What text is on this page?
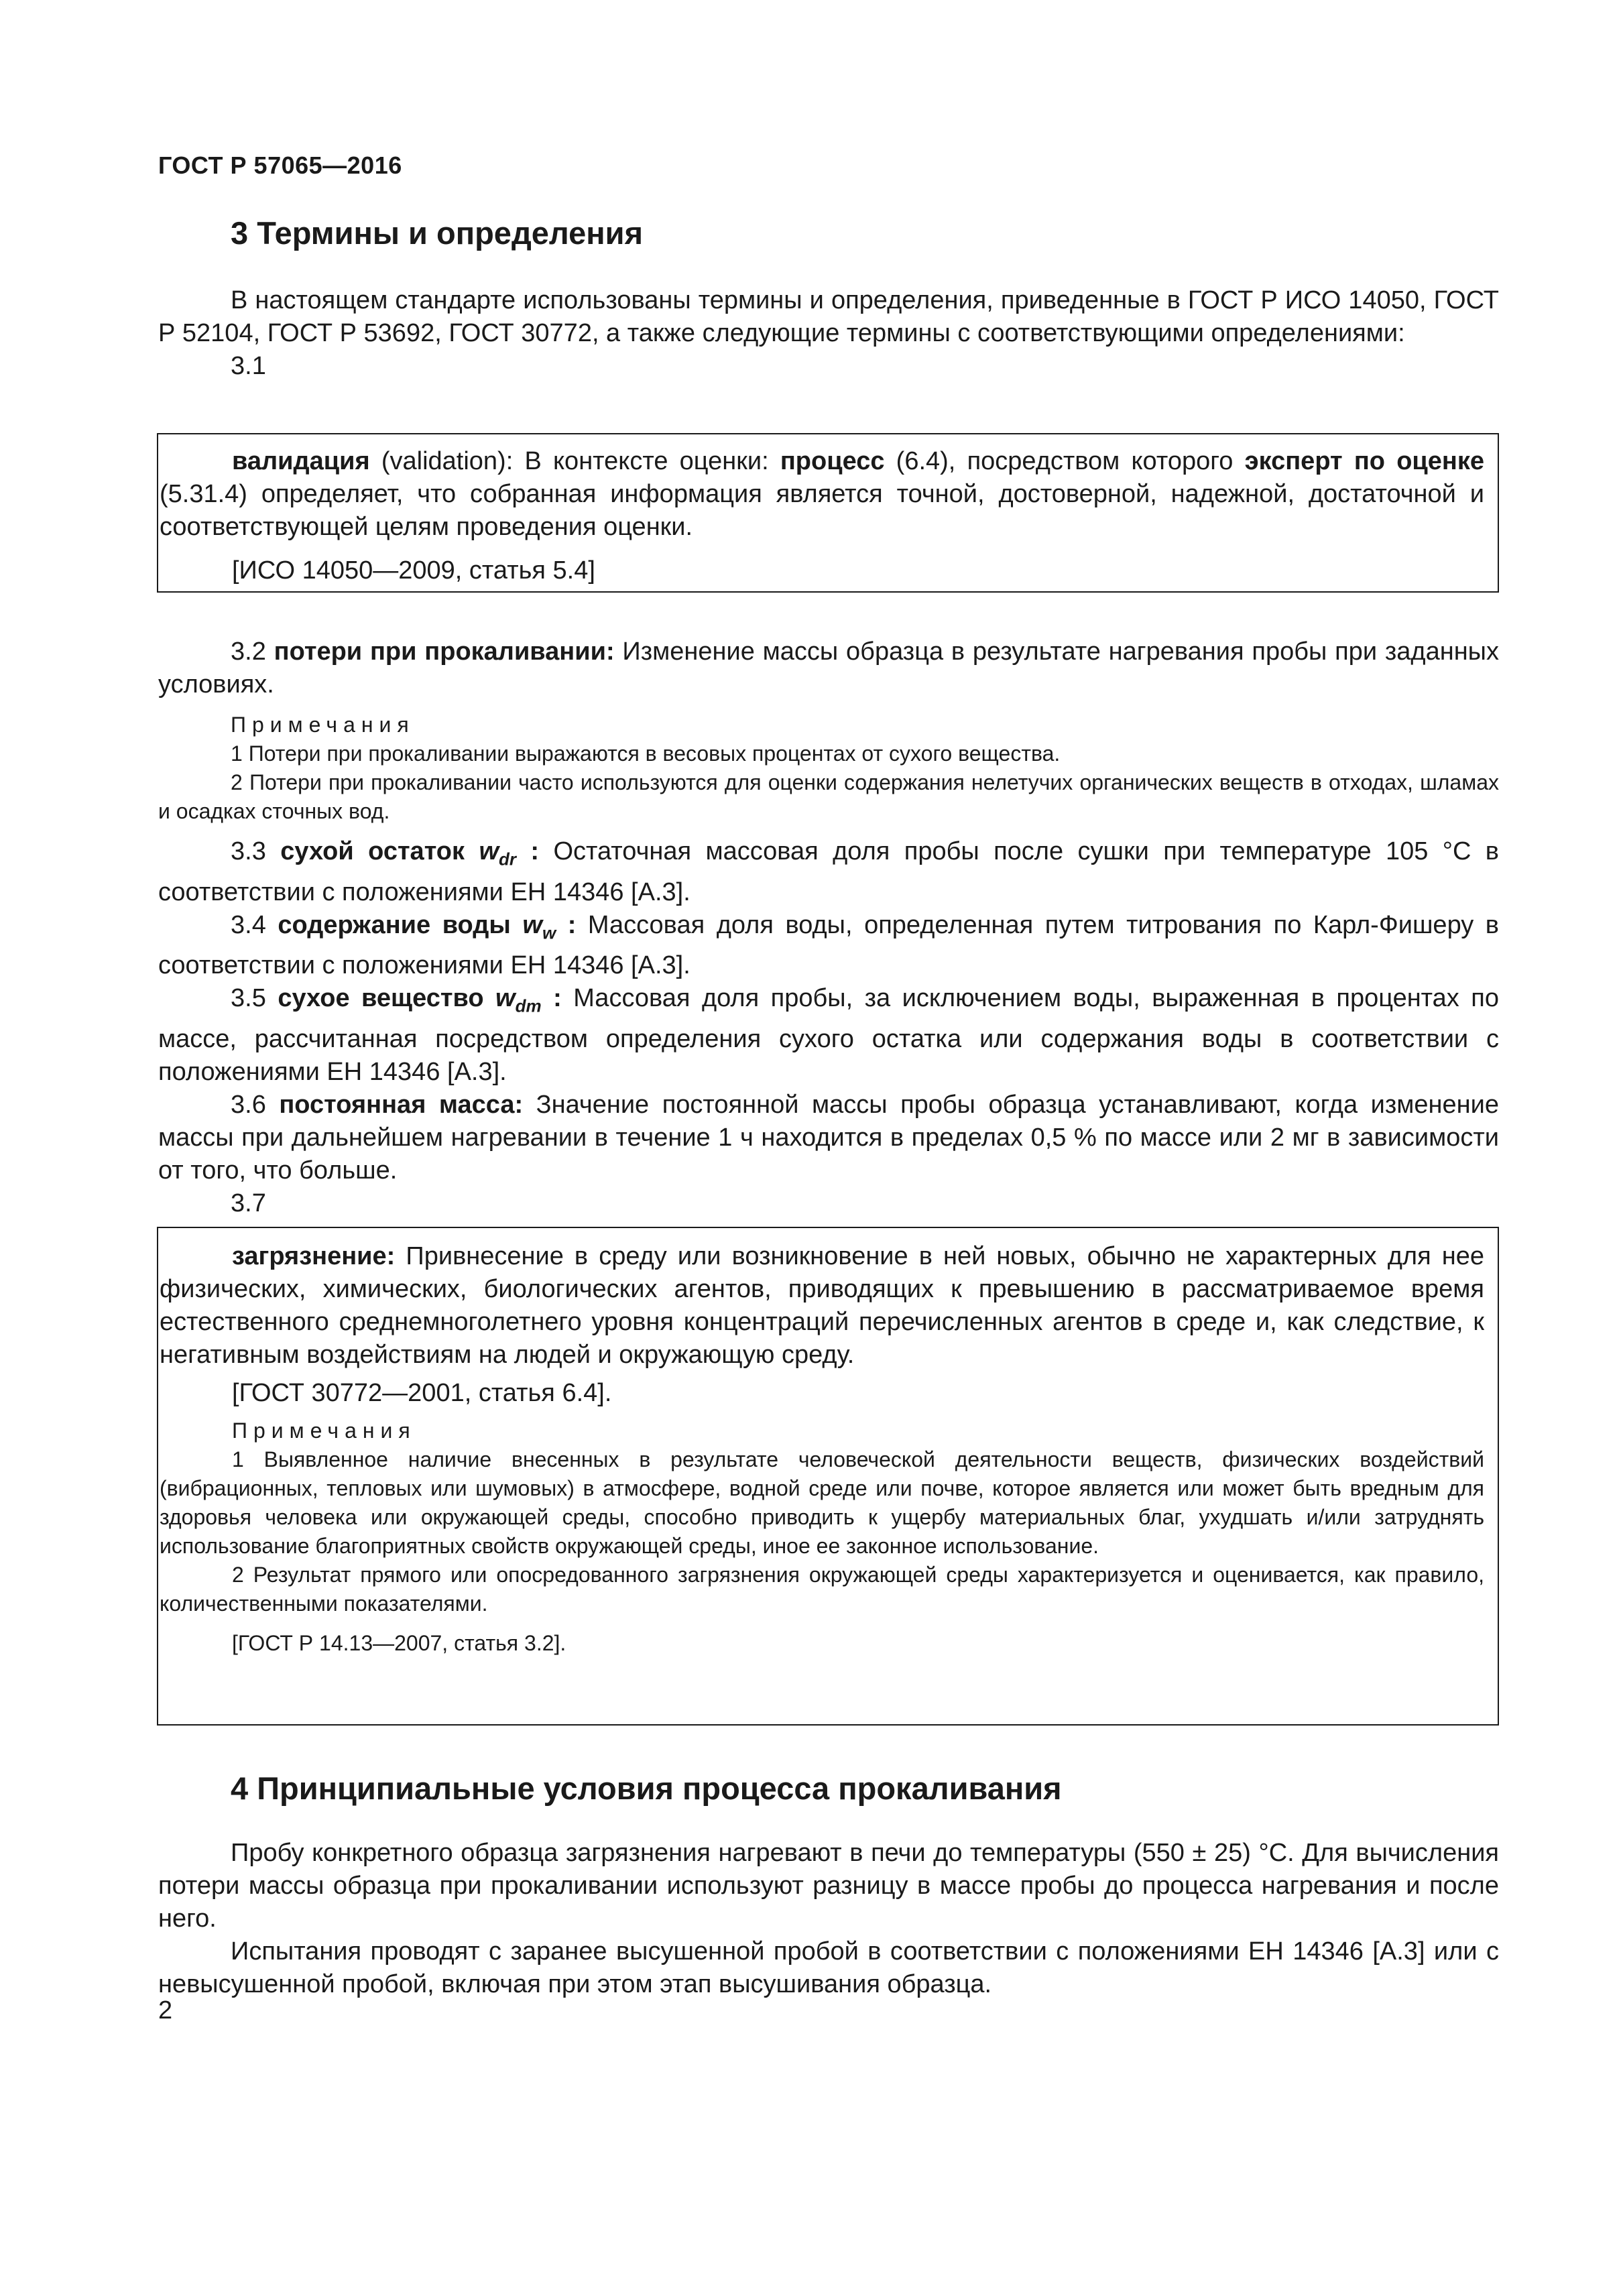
ГОСТ Р 57065—2016
3 Термины и определения

В настоящем стандарте использованы термины и определения, приведенные в ГОСТ Р ИСО 14050, ГОСТ Р 52104, ГОСТ Р 53692, ГОСТ 30772, а также следующие термины с соответствующими определениями:

3.1

валидация (validation): В контексте оценки: процесс (6.4), посредством которого эксперт по оценке (5.31.4) определяет, что собранная информация является точной, достоверной, надежной, достаточной и соответствующей целям проведения оценки.

[ИСО 14050—2009, статья 5.4]

3.2 потери при прокаливании: Изменение массы образца в результате нагревания пробы при заданных условиях.

Примечания

1 Потери при прокаливании выражаются в весовых процентах от сухого вещества.

2 Потери при прокаливании часто используются для оценки содержания нелетучих органических веществ в отходах, шламах и осадках сточных вод.

3.3 сухой остаток $w_{dr}$ : Остаточная массовая доля пробы после сушки при температуре 105 °C в соответствии с положениями ЕН 14346 [А.3].

3.4 содержание воды $w_w$ : Массовая доля воды, определенная путем титрования по Карл-Фишеру в соответствии с положениями ЕН 14346 [А.3].

3.5 сухое вещество $w_{dm}$ : Массовая доля пробы, за исключением воды, выраженная в процентах по массе, рассчитанная посредством определения сухого остатка или содержания воды в соответствии с положениями ЕН 14346 [А.3].

3.6 постоянная масса: Значение постоянной массы пробы образца устанавливают, когда изменение массы при дальнейшем нагревании в течение 1 ч находится в пределах 0,5 % по массе или 2 мг в зависимости от того, что больше.

3.7

загрязнение: Привнесение в среду или возникновение в ней новых, обычно не характерных для нее физических, химических, биологических агентов, приводящих к превышению в рассматриваемое время естественного среднемноголетнего уровня концентраций перечисленных агентов в среде и, как следствие, к негативным воздействиям на людей и окружающую среду.

[ГОСТ 30772—2001, статья 6.4].

Примечания

1 Выявленное наличие внесенных в результате человеческой деятельности веществ, физических воздействий (вибрационных, тепловых или шумовых) в атмосфере, водной среде или почве, которое является или может быть вредным для здоровья человека или окружающей среды, способно приводить к ущербу материальных благ, ухудшать и/или затруднять использование благоприятных свойств окружающей среды, иное ее законное использование.

2 Результат прямого или опосредованного загрязнения окружающей среды характеризуется и оценивается, как правило, количественными показателями.

[ГОСТ Р 14.13—2007, статья 3.2].

4 Принципиальные условия процесса прокаливания

Пробу конкретного образца загрязнения нагревают в печи до температуры (550 ± 25) °С. Для вычисления потери массы образца при прокаливании используют разницу в массе пробы до процесса нагревания и после него.

Испытания проводят с заранее высушенной пробой в соответствии с положениями ЕН 14346 [А.3] или с невысушенной пробой, включая при этом этап высушивания образца.

2
